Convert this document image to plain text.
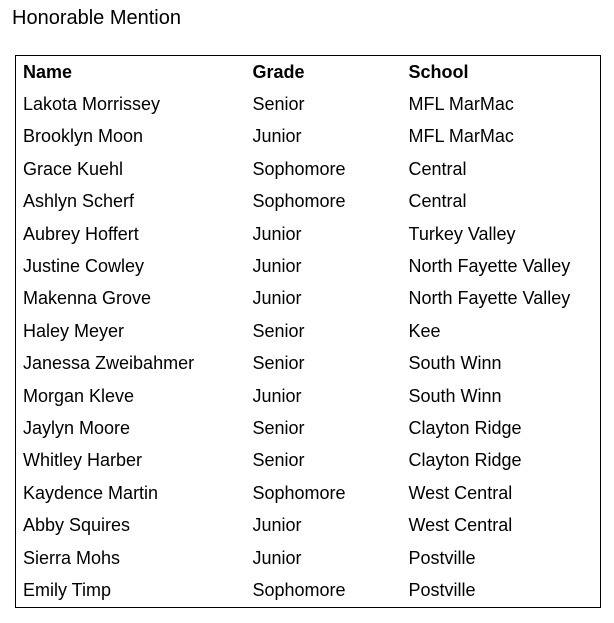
Honorable Mention
Name	Grade	School
Lakota Morrissey	Senior	MFL MarMac
Brooklyn Moon	Junior	MFL MarMac
Grace Kuehl	Sophomore	Central
Ashlyn Scherf	Sophomore	Central
Aubrey Hoffert	Junior	Turkey Valley
Justine Cowley	Junior	North Fayette Valley
Makenna Grove	Junior	North Fayette Valley
Haley Meyer	Senior	Kee
Janessa Zweibahmer	Senior	South Winn
Morgan Kleve	Junior	South Winn
Jaylyn Moore	Senior	Clayton Ridge
Whitley Harber	Senior	Clayton Ridge
Kaydence Martin	Sophomore	West Central
Abby Squires	Junior	West Central
Sierra Mohs	Junior	Postville
Emily Timp	Sophomore	Postville
